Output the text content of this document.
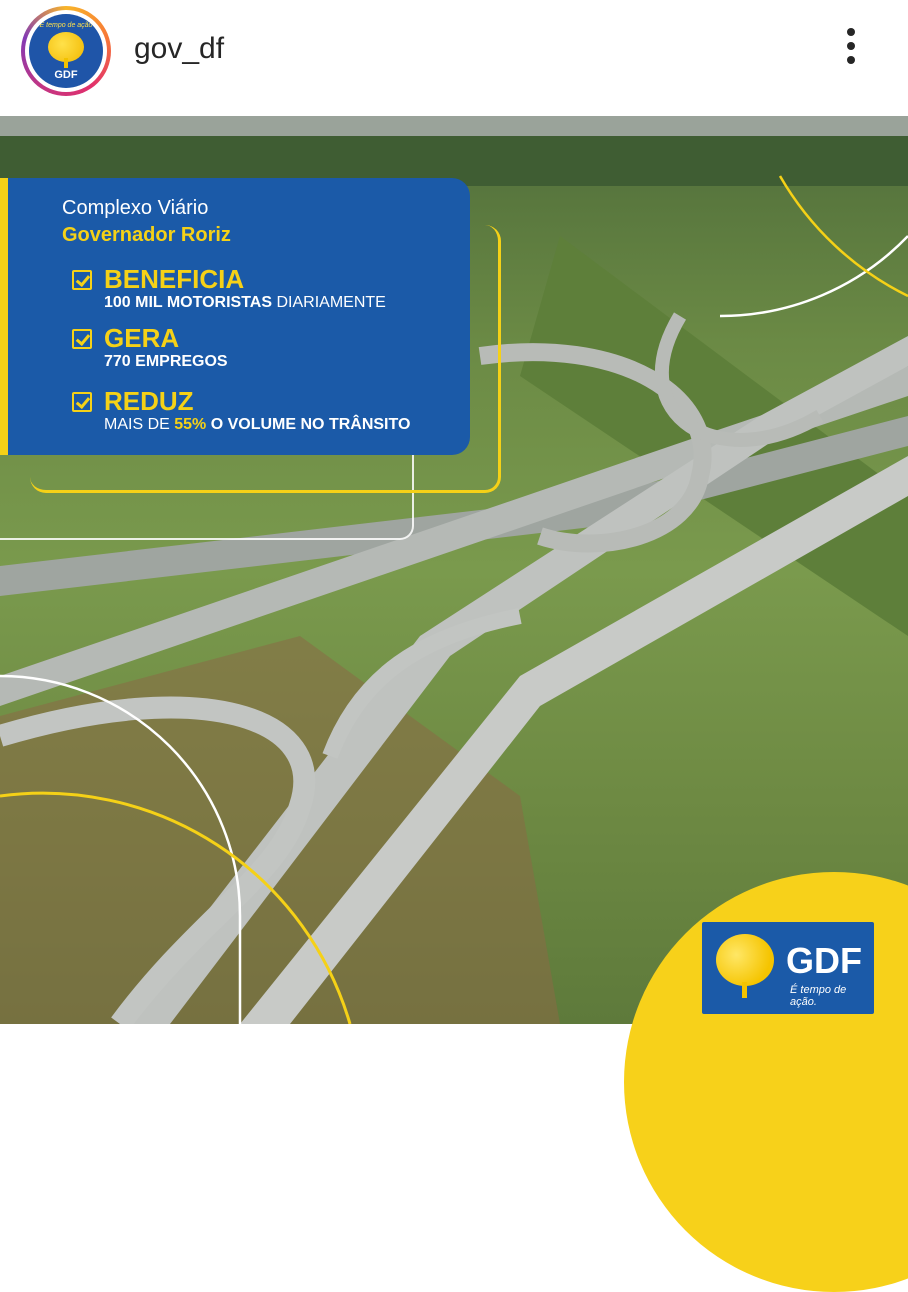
É tempo de ação
GDF
gov_df
Complexo Viário
Governador Roriz
BENEFICIA
100 MIL MOTORISTAS DIARIAMENTE
GERA
770 EMPREGOS
REDUZ
MAIS DE 55% O VOLUME NO TRÂNSITO
GDF
É tempo de ação.
